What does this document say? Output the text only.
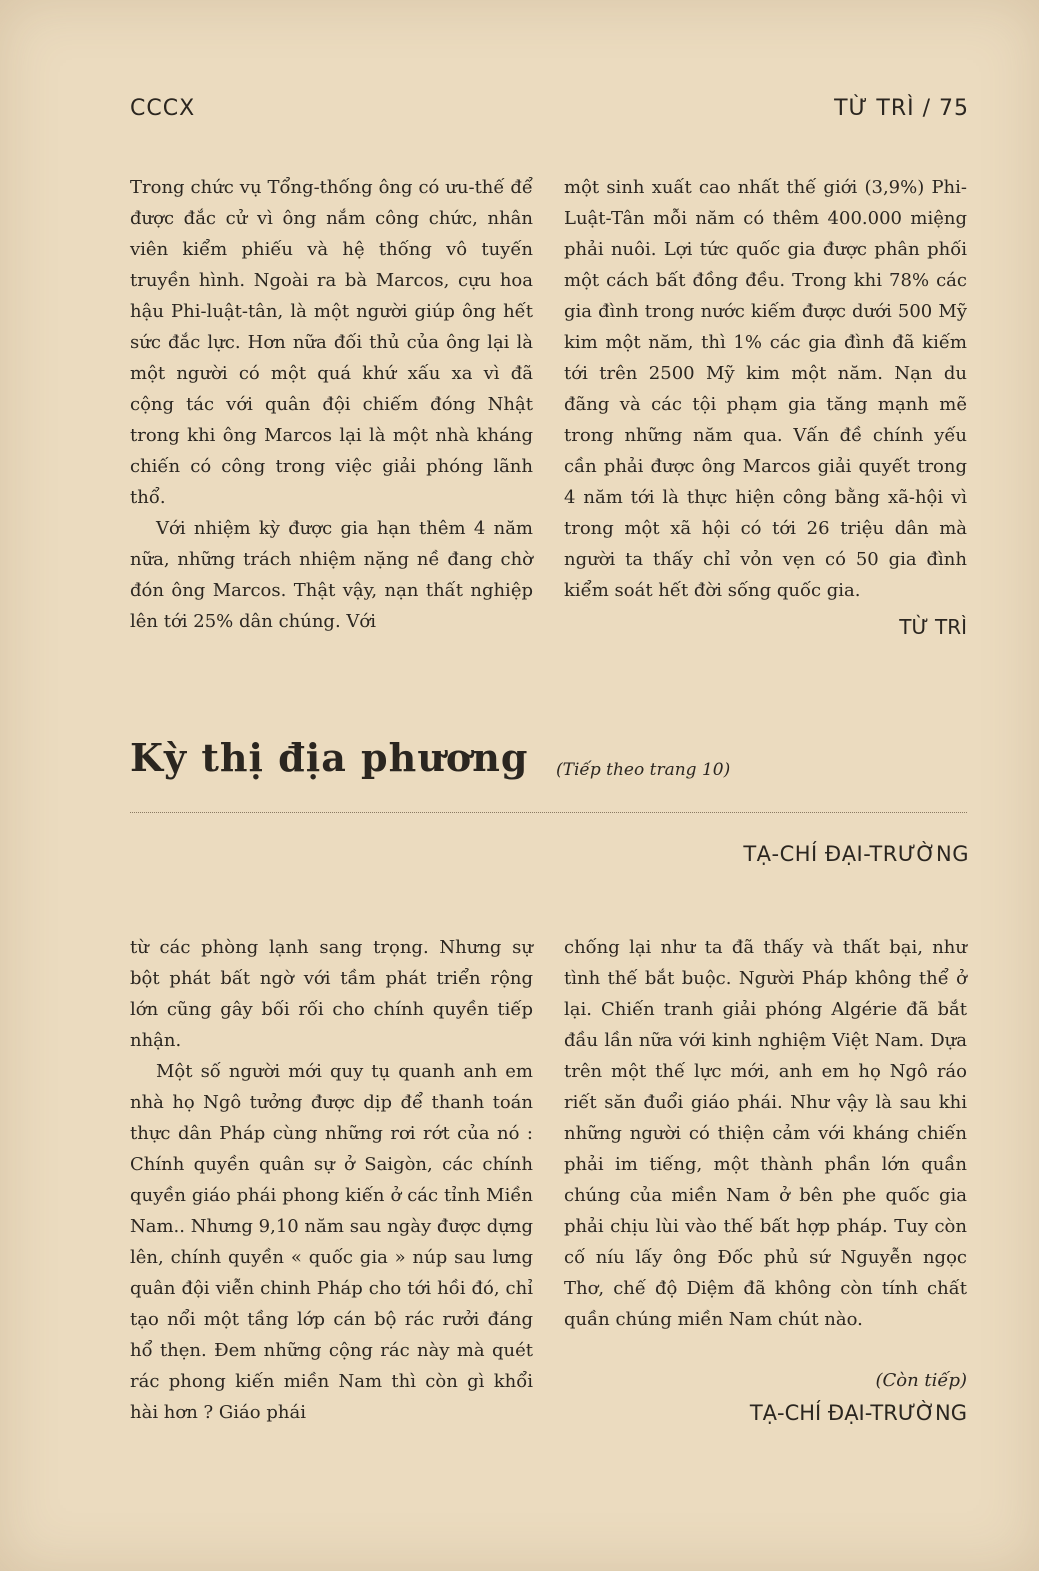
CCCX	TỪ TRÌ / 75

Trong chức vụ Tổng-thống ông có ưu-thế để được đắc cử vì ông nắm công chức, nhân viên kiểm phiếu và hệ thống vô tuyến truyền hình. Ngoài ra bà Marcos, cựu hoa hậu Phi-luật-tân, là một người giúp ông hết sức đắc lực. Hơn nữa đối thủ của ông lại là một người có một quá khứ xấu xa vì đã cộng tác với quân đội chiếm đóng Nhật trong khi ông Marcos lại là một nhà kháng chiến có công trong việc giải phóng lãnh thổ.

Với nhiệm kỳ được gia hạn thêm 4 năm nữa, những trách nhiệm nặng nề đang chờ đón ông Marcos. Thật vậy, nạn thất nghiệp lên tới 25% dân chúng. Với

một sinh xuất cao nhất thế giới (3,9%) Phi-Luật-Tân mỗi năm có thêm 400.000 miệng phải nuôi. Lợi tức quốc gia được phân phối một cách bất đồng đều. Trong khi 78% các gia đình trong nước kiếm được dưới 500 Mỹ kim một năm, thì 1% các gia đình đã kiếm tới trên 2500 Mỹ kim một năm. Nạn du đãng và các tội phạm gia tăng mạnh mẽ trong những năm qua. Vấn đề chính yếu cần phải được ông Marcos giải quyết trong 4 năm tới là thực hiện công bằng xã-hội vì trong một xã hội có tới 26 triệu dân mà người ta thấy chỉ vỏn vẹn có 50 gia đình kiểm soát hết đời sống quốc gia.

TỪ TRÌ
Kỳ thị địa phương (Tiếp theo trang 10)
TẠ-CHÍ ĐẠI-TRƯỜNG

từ các phòng lạnh sang trọng. Nhưng sự bột phát bất ngờ với tầm phát triển rộng lớn cũng gây bối rối cho chính quyền tiếp nhận.

Một số người mới quy tụ quanh anh em nhà họ Ngô tưởng được dịp để thanh toán thực dân Pháp cùng những rơi rớt của nó : Chính quyền quân sự ở Saigòn, các chính quyền giáo phái phong kiến ở các tỉnh Miền Nam.. Nhưng 9,10 năm sau ngày được dựng lên, chính quyền « quốc gia » núp sau lưng quân đội viễn chinh Pháp cho tới hồi đó, chỉ tạo nổi một tầng lớp cán bộ rác rưởi đáng hổ thẹn. Đem những cộng rác này mà quét rác phong kiến miền Nam thì còn gì khổi hài hơn ? Giáo phái

chống lại như ta đã thấy và thất bại, như tình thế bắt buộc. Người Pháp không thể ở lại. Chiến tranh giải phóng Algérie đã bắt đầu lần nữa với kinh nghiệm Việt Nam. Dựa trên một thế lực mới, anh em họ Ngô ráo riết săn đuổi giáo phái. Như vậy là sau khi những người có thiện cảm với kháng chiến phải im tiếng, một thành phần lớn quần chúng của miền Nam ở bên phe quốc gia phải chịu lùi vào thế bất hợp pháp. Tuy còn cố níu lấy ông Đốc phủ sứ Nguyễn ngọc Thơ, chế độ Diệm đã không còn tính chất quần chúng miền Nam chút nào.

(Còn tiếp)
TẠ-CHÍ ĐẠI-TRƯỜNG
